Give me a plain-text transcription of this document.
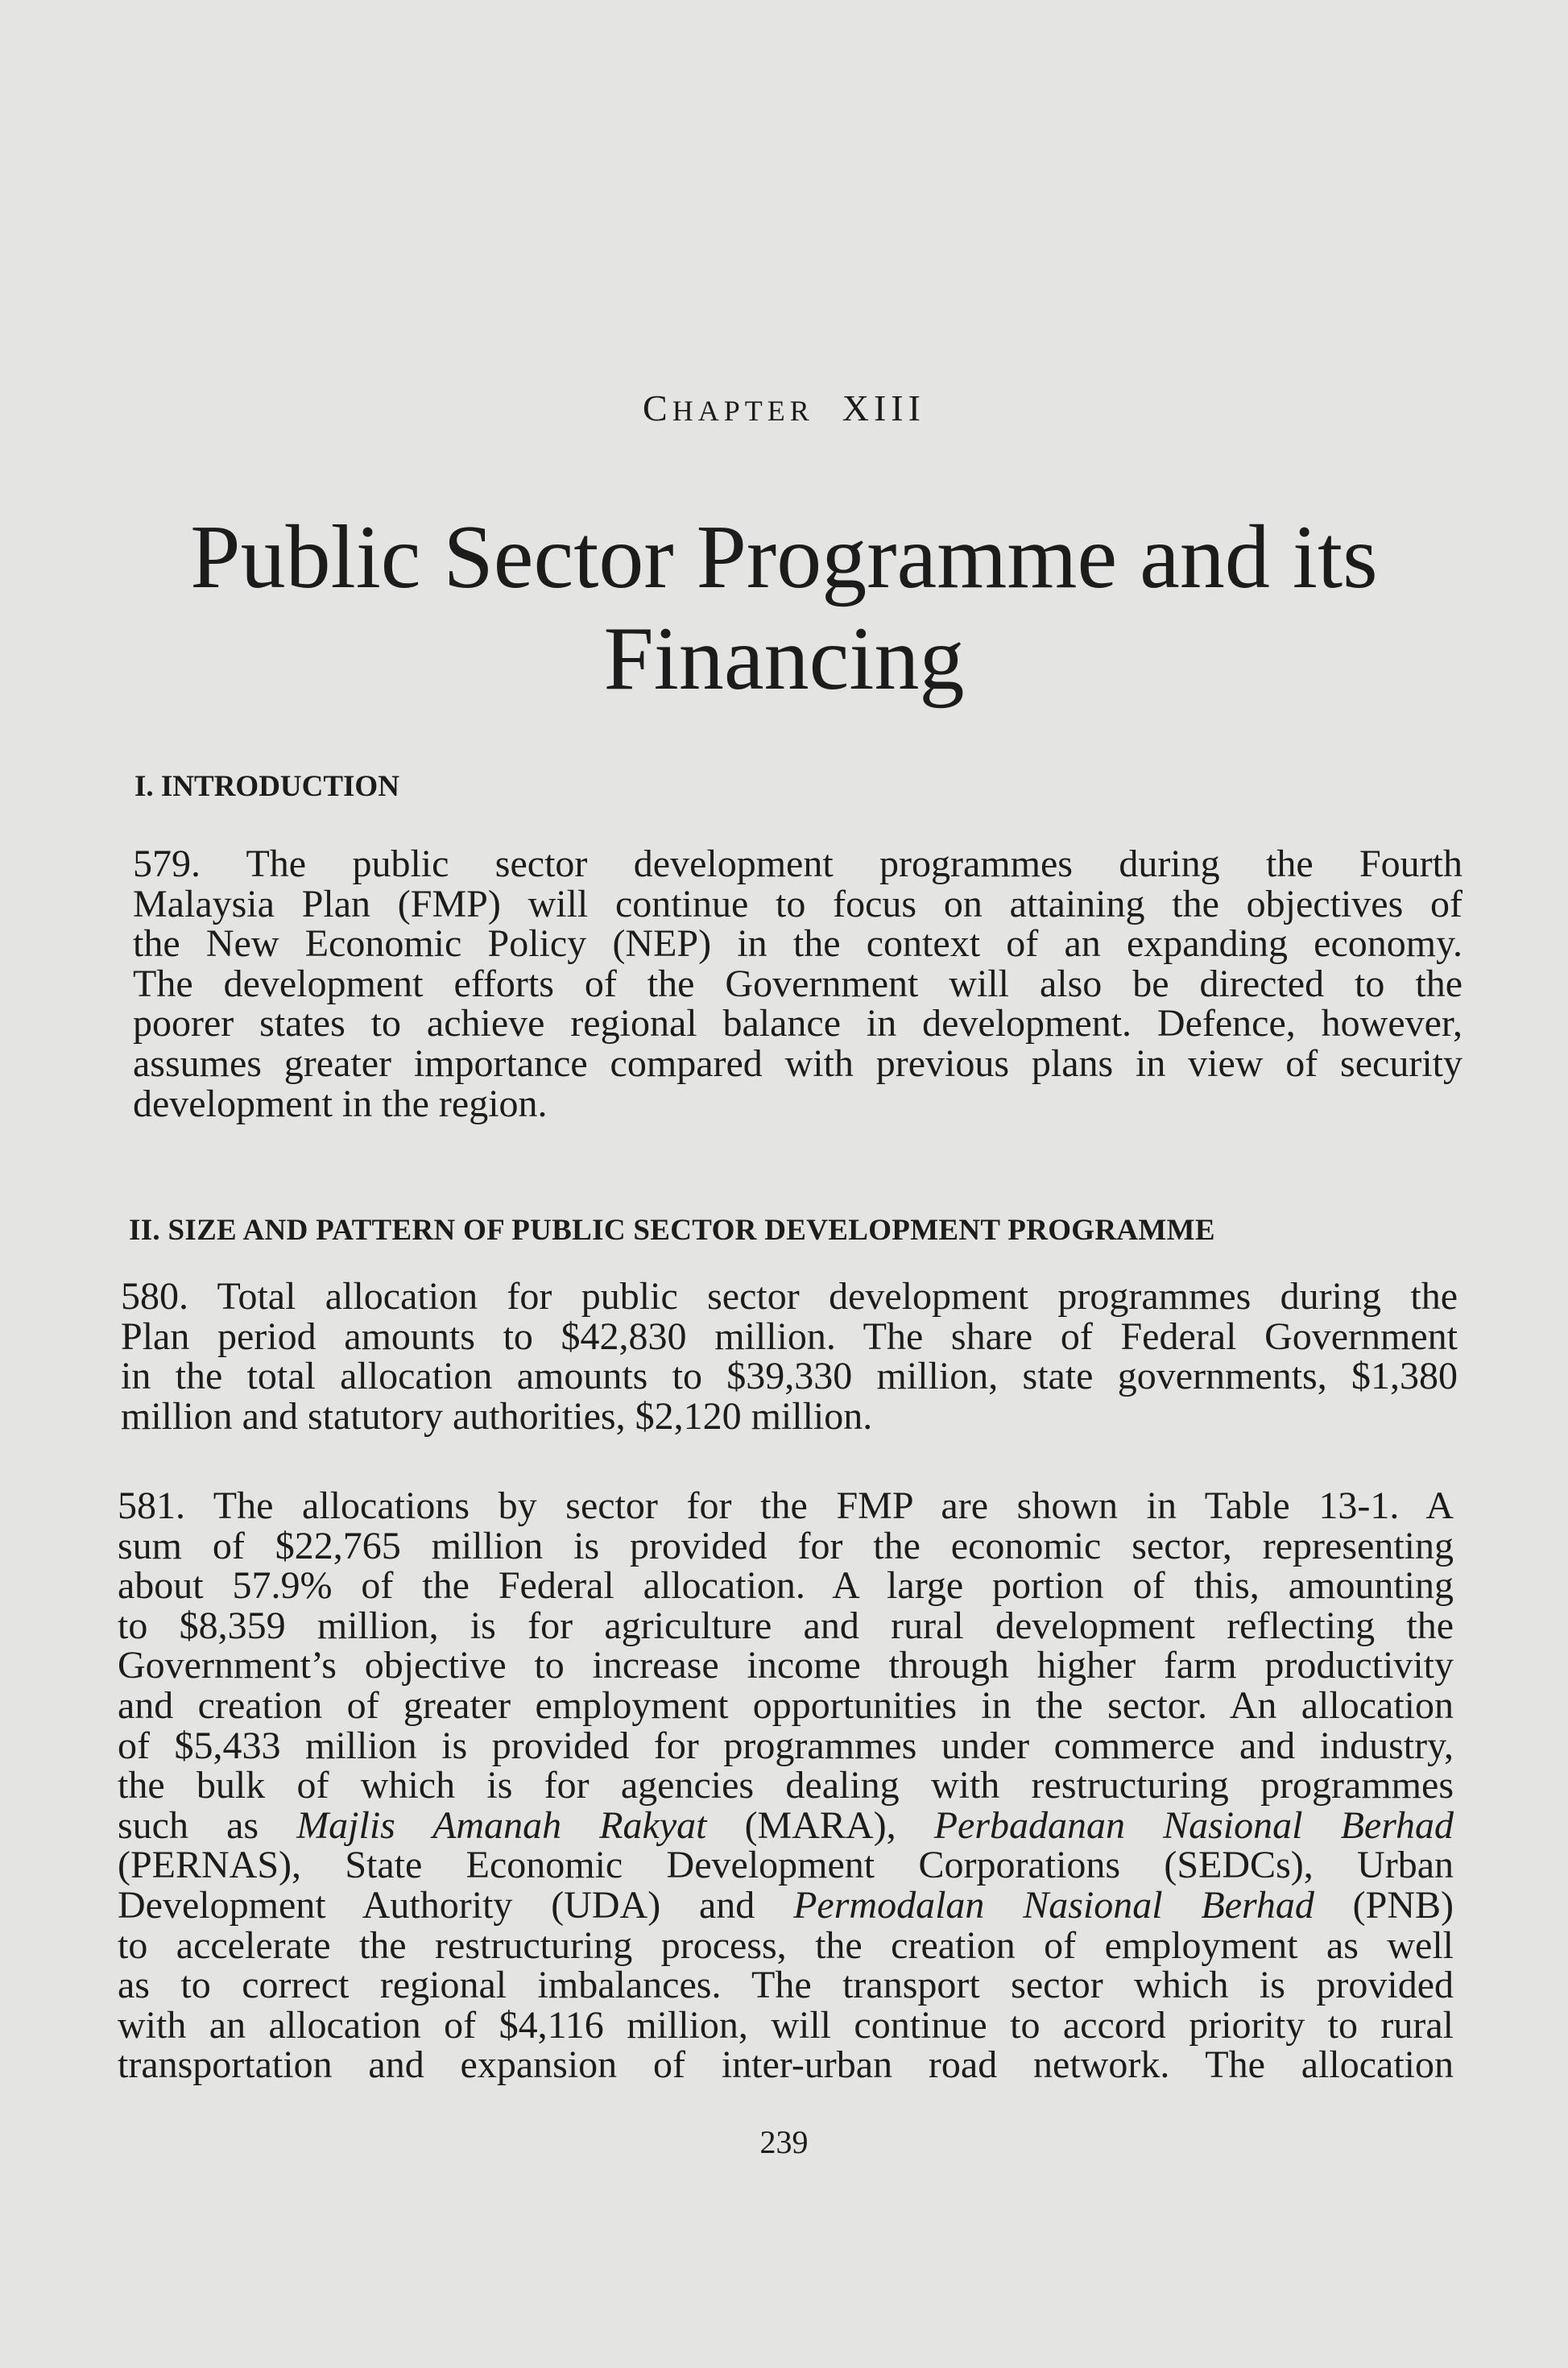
CHAPTER XIII
Public Sector Programme and its
Financing
I. INTRODUCTION
579. The public sector development programmes during the Fourth
Malaysia Plan (FMP) will continue to focus on attaining the objectives of
the New Economic Policy (NEP) in the context of an expanding economy.
The development efforts of the Government will also be directed to the
poorer states to achieve regional balance in development. Defence, however,
assumes greater importance compared with previous plans in view of security
development in the region.
II. SIZE AND PATTERN OF PUBLIC SECTOR DEVELOPMENT PROGRAMME
580. Total allocation for public sector development programmes during the
Plan period amounts to $42,830 million. The share of Federal Government
in the total allocation amounts to $39,330 million, state governments, $1,380
million and statutory authorities, $2,120 million.
581. The allocations by sector for the FMP are shown in Table 13-1. A
sum of $22,765 million is provided for the economic sector, representing
about 57.9% of the Federal allocation. A large portion of this, amounting
to $8,359 million, is for agriculture and rural development reflecting the
Government’s objective to increase income through higher farm productivity
and creation of greater employment opportunities in the sector. An allocation
of $5,433 million is provided for programmes under commerce and industry,
the bulk of which is for agencies dealing with restructuring programmes
such as Majlis Amanah Rakyat (MARA), Perbadanan Nasional Berhad
(PERNAS), State Economic Development Corporations (SEDCs), Urban
Development Authority (UDA) and Permodalan Nasional Berhad (PNB)
to accelerate the restructuring process, the creation of employment as well
as to correct regional imbalances. The transport sector which is provided
with an allocation of $4,116 million, will continue to accord priority to rural
transportation and expansion of inter-urban road network. The allocation
239
